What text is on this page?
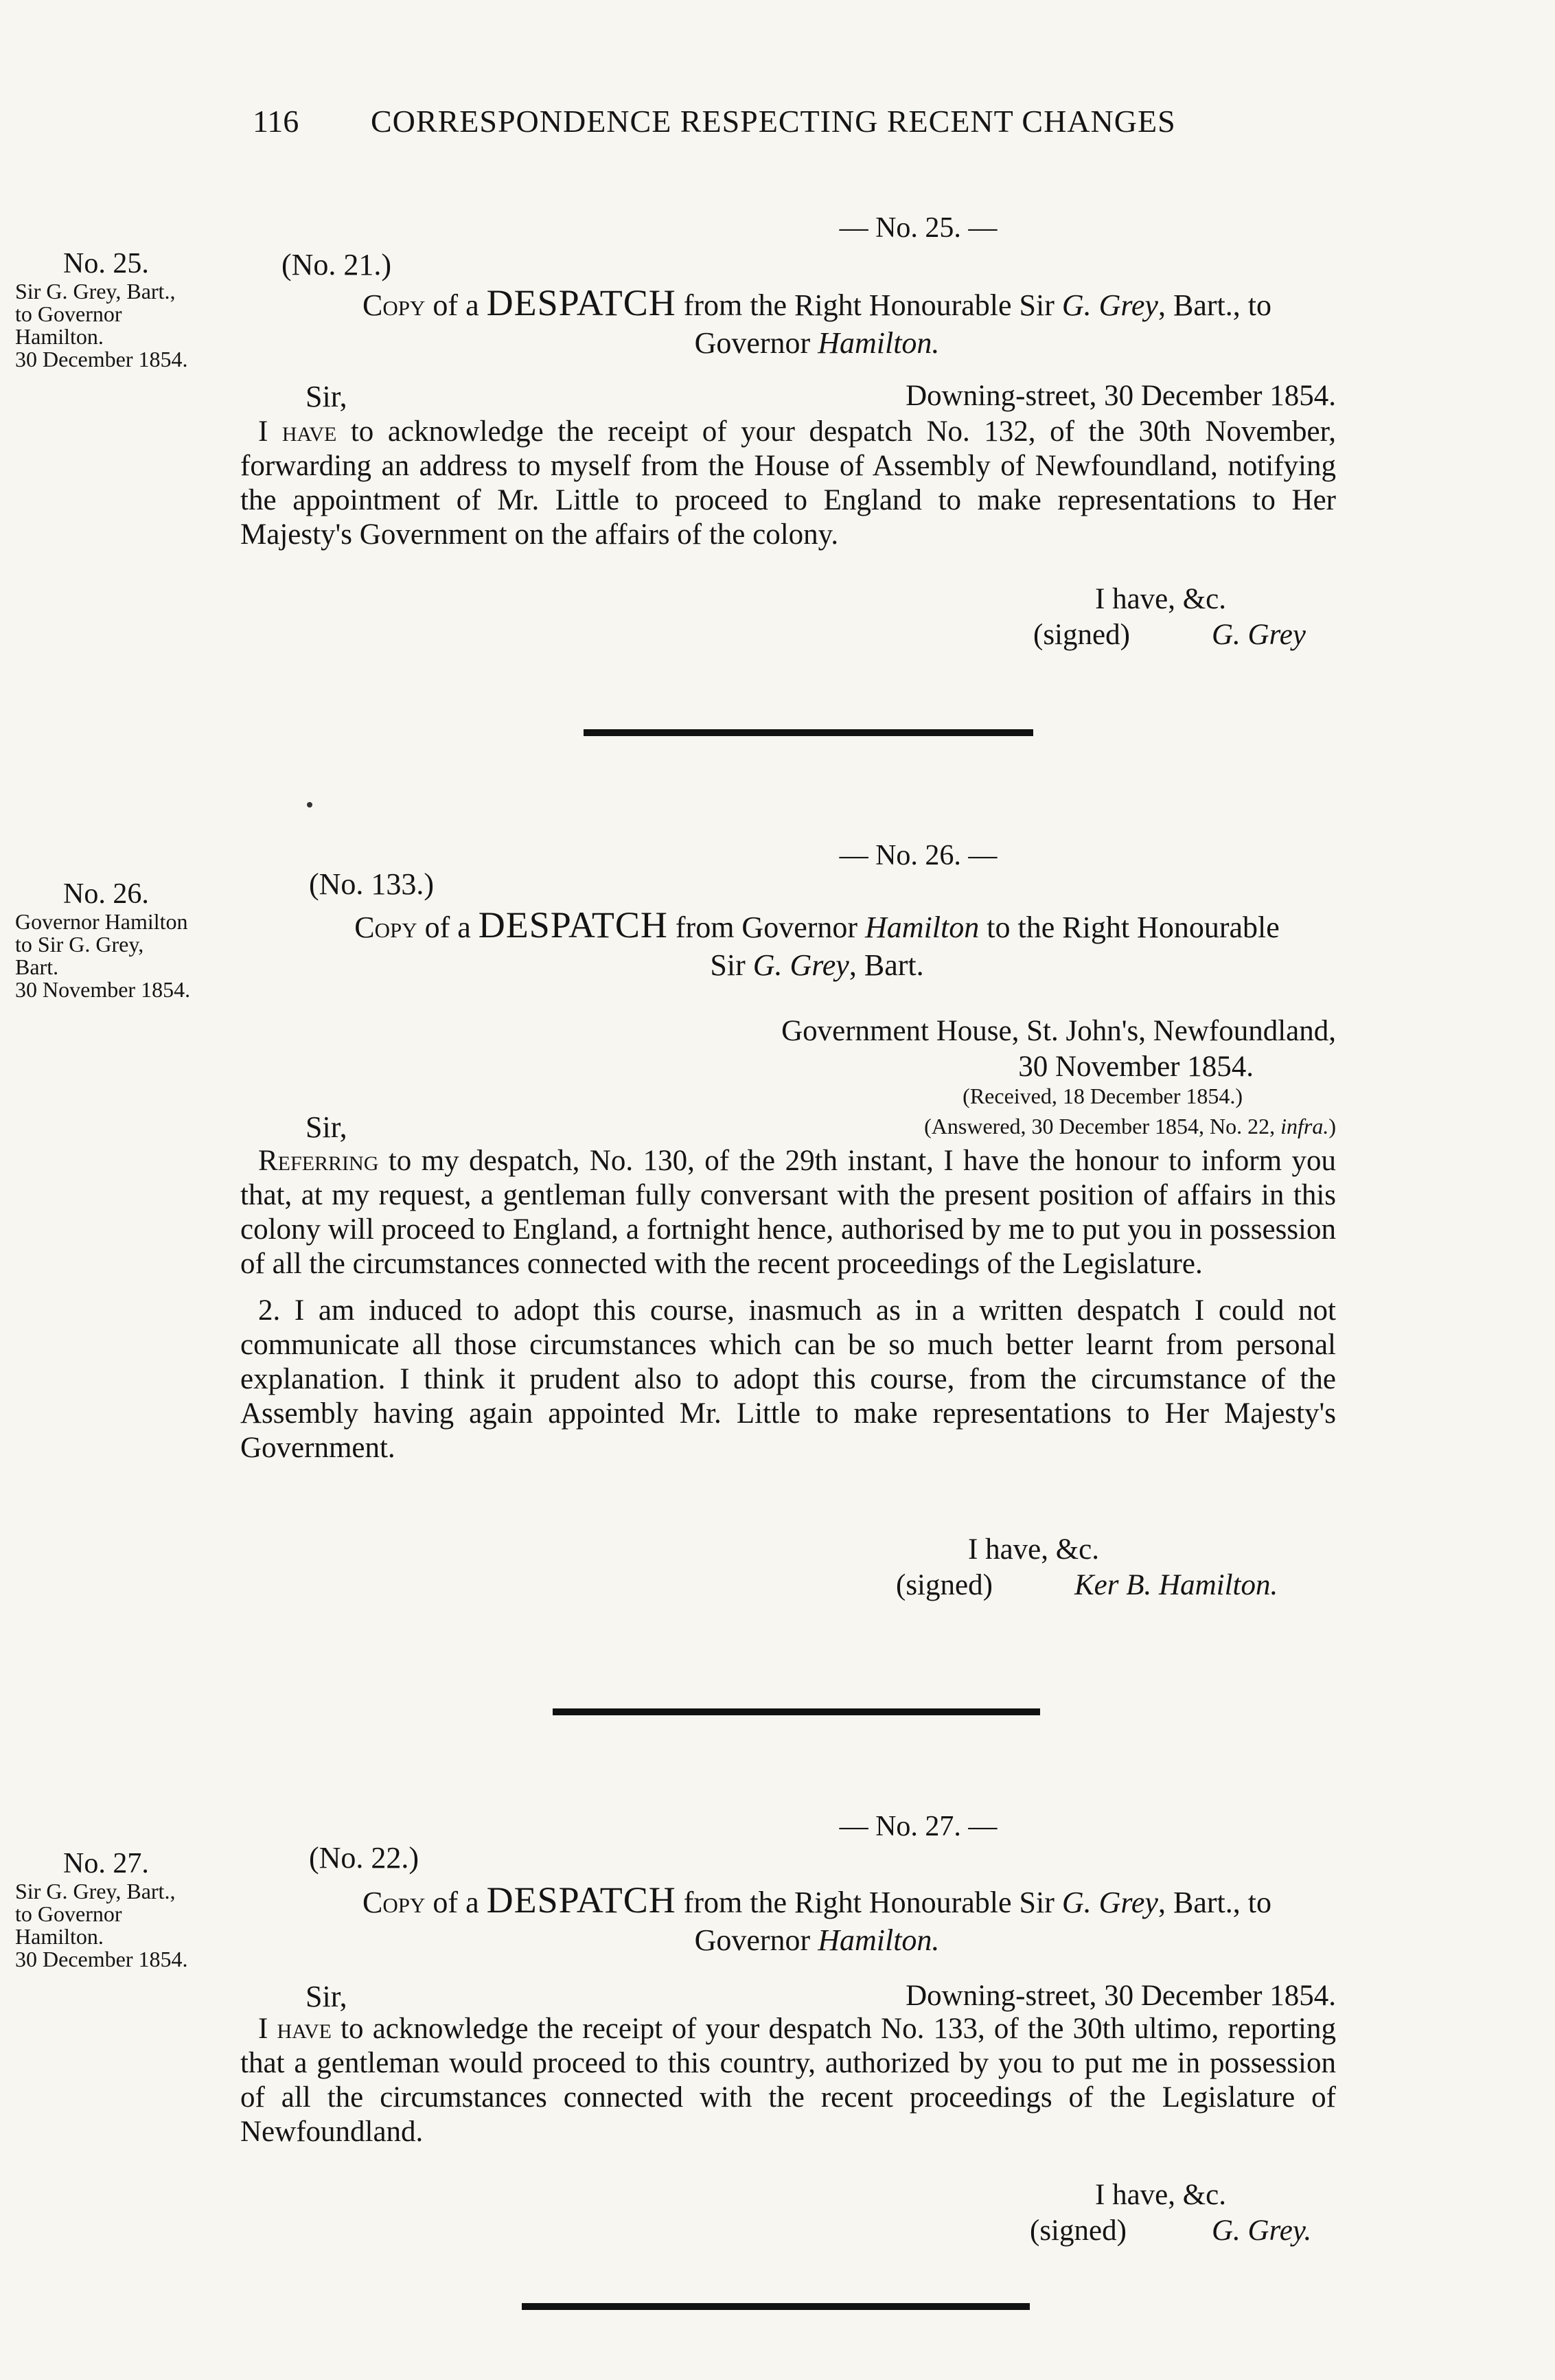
116 CORRESPONDENCE RESPECTING RECENT CHANGES
— No. 25. —
No. 25.
Sir G. Grey, Bart.,
to Governor
Hamilton.
30 December 1854.
(No. 21.)
Copy of a DESPATCH from the Right Honourable Sir G. Grey, Bart., to
Governor Hamilton.
Sir,	Downing-street, 30 December 1854.

I have to acknowledge the receipt of your despatch No. 132, of the 30th November, forwarding an address to myself from the House of Assembly of Newfoundland, notifying the appointment of Mr. Little to proceed to England to make representations to Her Majesty's Government on the affairs of the colony.

I have, &c.
(signed)	G. Grey
— No. 26. —
No. 26.
Governor Hamilton
to Sir G. Grey,
Bart.
30 November 1854.
(No. 133.)
Copy of a DESPATCH from Governor Hamilton to the Right Honourable
Sir G. Grey, Bart.
Government House, St. John's, Newfoundland,
30 November 1854.
(Received, 18 December 1854.)
Sir,	(Answered, 30 December 1854, No. 22, infra.)

Referring to my despatch, No. 130, of the 29th instant, I have the honour to inform you that, at my request, a gentleman fully conversant with the present position of affairs in this colony will proceed to England, a fortnight hence, authorised by me to put you in possession of all the circumstances connected with the recent proceedings of the Legislature.

2. I am induced to adopt this course, inasmuch as in a written despatch I could not communicate all those circumstances which can be so much better learnt from personal explanation. I think it prudent also to adopt this course, from the circumstance of the Assembly having again appointed Mr. Little to make representations to Her Majesty's Government.

I have, &c.
(signed)	Ker B. Hamilton.
— No. 27. —
No. 27.
Sir G. Grey, Bart.,
to Governor
Hamilton.
30 December 1854.
(No. 22.)
Copy of a DESPATCH from the Right Honourable Sir G. Grey, Bart., to
Governor Hamilton.
Sir,	Downing-street, 30 December 1854.

I have to acknowledge the receipt of your despatch No. 133, of the 30th ultimo, reporting that a gentleman would proceed to this country, authorized by you to put me in possession of all the circumstances connected with the recent proceedings of the Legislature of Newfoundland.

I have, &c.
(signed)	G. Grey.
